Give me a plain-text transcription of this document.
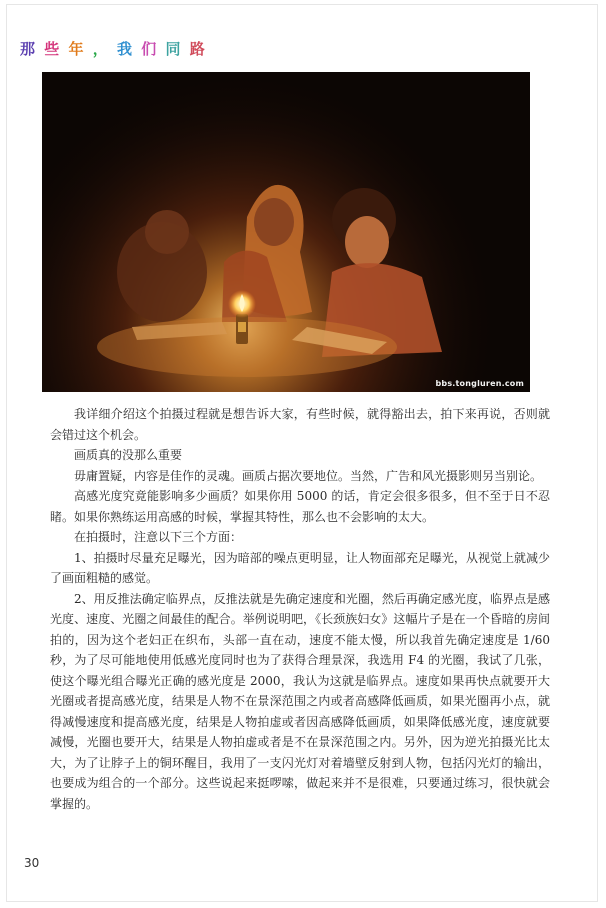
那 些 年 ， 我 们 同 路
bbs.tongluren.com

我详细介绍这个拍摄过程就是想告诉大家，有些时候，就得豁出去，拍下来再说，否则就会错过这个机会。

画质真的没那么重要

毋庸置疑，内容是佳作的灵魂。画质占据次要地位。当然，广告和风光摄影则另当别论。

高感光度究竟能影响多少画质？如果你用 5000 的话，肯定会很多很多，但不至于日不忍睹。如果你熟练运用高感的时候，掌握其特性，那么也不会影响的太大。

在拍摄时，注意以下三个方面：

1、拍摄时尽量充足曝光，因为暗部的噪点更明显，让人物面部充足曝光，从视觉上就减少了画面粗糙的感觉。

2、用反推法确定临界点，反推法就是先确定速度和光圈，然后再确定感光度，临界点是感光度、速度、光圈之间最佳的配合。举例说明吧，《长颈族妇女》这幅片子是在一个昏暗的房间拍的，因为这个老妇正在织布，头部一直在动，速度不能太慢，所以我首先确定速度是 1/60 秒，为了尽可能地使用低感光度同时也为了获得合理景深，我选用 F4 的光圈，我试了几张，使这个曝光组合曝光正确的感光度是 2000，我认为这就是临界点。速度如果再快点就要开大光圈或者提高感光度，结果是人物不在景深范围之内或者高感降低画质，如果光圈再小点，就得减慢速度和提高感光度，结果是人物拍虚或者因高感降低画质，如果降低感光度，速度就要减慢，光圈也要开大，结果是人物拍虚或者是不在景深范围之内。另外，因为逆光拍摄光比太大，为了让脖子上的铜环醒目，我用了一支闪光灯对着墙壁反射到人物，包括闪光灯的输出，也要成为组合的一个部分。这些说起来挺啰嗦，做起来并不是很难，只要通过练习，很快就会掌握的。

30
